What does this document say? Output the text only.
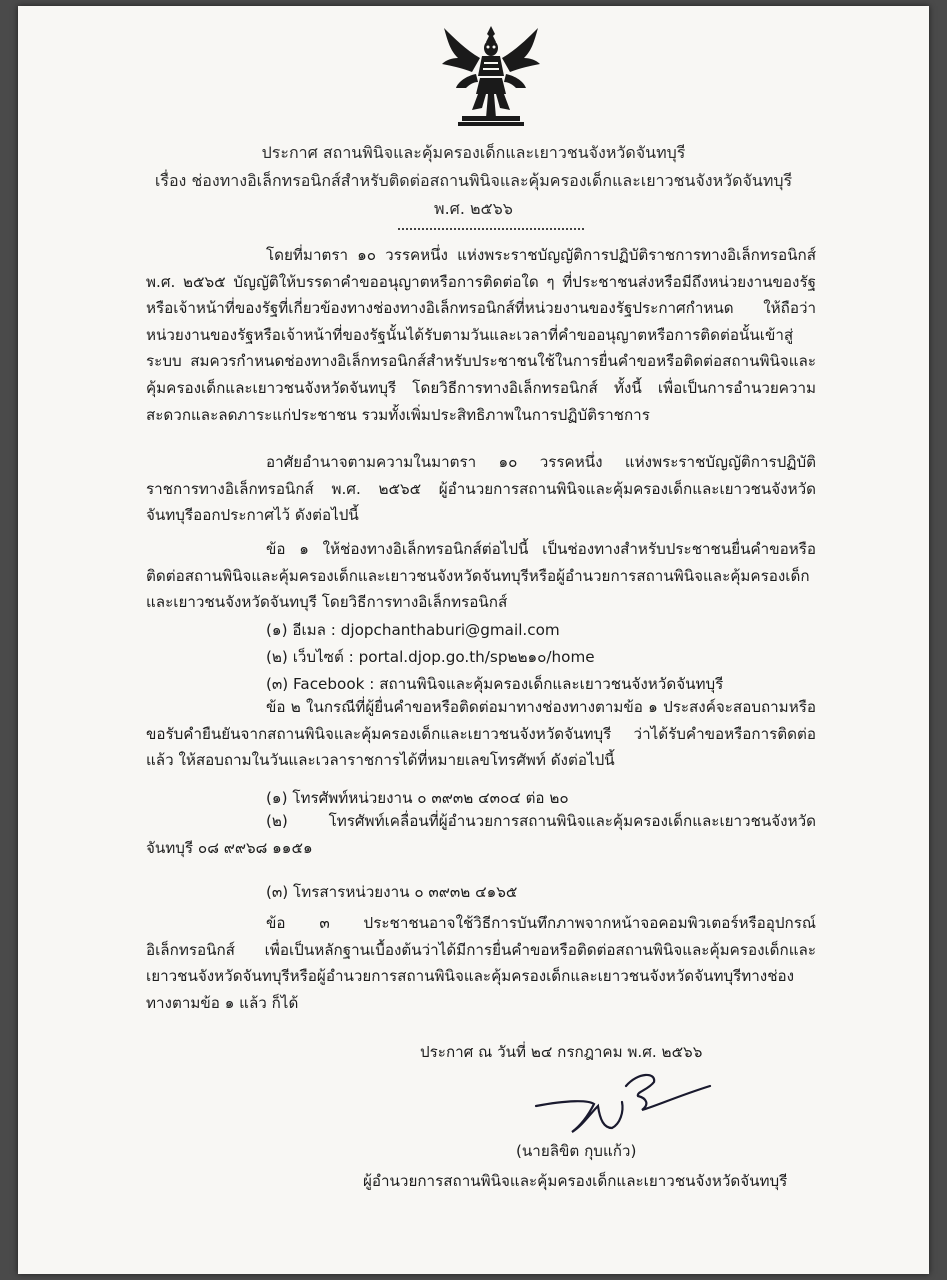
ประกาศ สถานพินิจและคุ้มครองเด็กและเยาวชนจังหวัดจันทบุรี
เรื่อง ช่องทางอิเล็กทรอนิกส์สำหรับติดต่อสถานพินิจและคุ้มครองเด็กและเยาวชนจังหวัดจันทบุรี
พ.ศ. ๒๕๖๖

โดยที่มาตรา ๑๐ วรรคหนึ่ง แห่งพระราชบัญญัติการปฏิบัติราชการทางอิเล็กทรอนิกส์ พ.ศ. ๒๕๖๕ บัญญัติให้บรรดาคำขออนุญาตหรือการติดต่อใด ๆ ที่ประชาชนส่งหรือมีถึงหน่วยงานของรัฐหรือเจ้าหน้าที่ของรัฐที่เกี่ยวข้องทางช่องทางอิเล็กทรอนิกส์ที่หน่วยงานของรัฐประกาศกำหนด ให้ถือว่าหน่วยงานของรัฐหรือเจ้าหน้าที่ของรัฐนั้นได้รับตามวันและเวลาที่คำขออนุญาตหรือการติดต่อนั้นเข้าสู่ระบบ สมควรกำหนดช่องทางอิเล็กทรอนิกส์สำหรับประชาชนใช้ในการยื่นคำขอหรือติดต่อสถานพินิจและคุ้มครองเด็กและเยาวชนจังหวัดจันทบุรี โดยวิธีการทางอิเล็กทรอนิกส์ ทั้งนี้ เพื่อเป็นการอำนวยความสะดวกและลดภาระแก่ประชาชน รวมทั้งเพิ่มประสิทธิภาพในการปฏิบัติราชการ

อาศัยอำนาจตามความในมาตรา ๑๐ วรรคหนึ่ง แห่งพระราชบัญญัติการปฏิบัติราชการทางอิเล็กทรอนิกส์ พ.ศ. ๒๕๖๕ ผู้อำนวยการสถานพินิจและคุ้มครองเด็กและเยาวชนจังหวัดจันทบุรีออกประกาศไว้ ดังต่อไปนี้

ข้อ ๑ ให้ช่องทางอิเล็กทรอนิกส์ต่อไปนี้ เป็นช่องทางสำหรับประชาชนยื่นคำขอหรือติดต่อสถานพินิจและคุ้มครองเด็กและเยาวชนจังหวัดจันทบุรีหรือผู้อำนวยการสถานพินิจและคุ้มครองเด็กและเยาวชนจังหวัดจันทบุรี โดยวิธีการทางอิเล็กทรอนิกส์

(๑) อีเมล : djopchanthaburi@gmail.com
(๒) เว็บไซต์ : portal.djop.go.th/sp๒๒๑๐/home
(๓) Facebook : สถานพินิจและคุ้มครองเด็กและเยาวชนจังหวัดจันทบุรี

ข้อ ๒ ในกรณีที่ผู้ยื่นคำขอหรือติดต่อมาทางช่องทางตามข้อ ๑ ประสงค์จะสอบถามหรือขอรับคำยืนยันจากสถานพินิจและคุ้มครองเด็กและเยาวชนจังหวัดจันทบุรี ว่าได้รับคำขอหรือการติดต่อแล้ว ให้สอบถามในวันและเวลาราชการได้ที่หมายเลขโทรศัพท์ ดังต่อไปนี้

(๑) โทรศัพท์หน่วยงาน ๐ ๓๙๓๒ ๔๓๐๔ ต่อ ๒๐

(๒) โทรศัพท์เคลื่อนที่ผู้อำนวยการสถานพินิจและคุ้มครองเด็กและเยาวชนจังหวัดจันทบุรี ๐๘ ๙๙๖๘ ๑๑๕๑

(๓) โทรสารหน่วยงาน ๐ ๓๙๓๒ ๔๑๖๕

ข้อ ๓ ประชาชนอาจใช้วิธีการบันทึกภาพจากหน้าจอคอมพิวเตอร์หรืออุปกรณ์อิเล็กทรอนิกส์ เพื่อเป็นหลักฐานเบื้องต้นว่าได้มีการยื่นคำขอหรือติดต่อสถานพินิจและคุ้มครองเด็กและเยาวชนจังหวัดจันทบุรีหรือผู้อำนวยการสถานพินิจและคุ้มครองเด็กและเยาวชนจังหวัดจันทบุรีทางช่องทางตามข้อ ๑ แล้ว ก็ได้

ประกาศ ณ วันที่ ๒๔ กรกฎาคม พ.ศ. ๒๕๖๖
(นายลิขิต กุบแก้ว)
ผู้อำนวยการสถานพินิจและคุ้มครองเด็กและเยาวชนจังหวัดจันทบุรี
